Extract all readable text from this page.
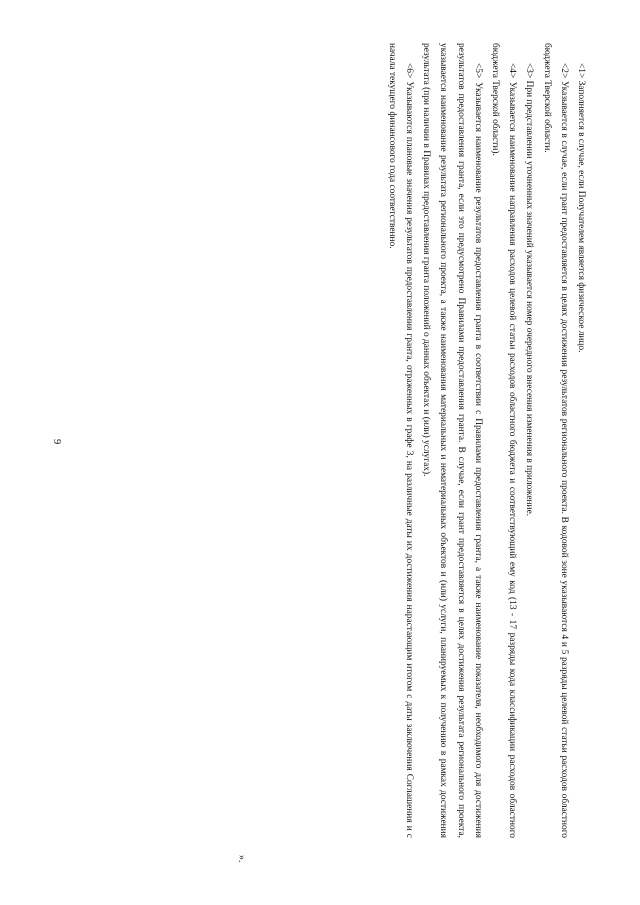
9

<1> Заполняется в случае, если Получателем является физическое лицо.

<2> Указывается в случае, если грант предоставляется в целях достижения результатов регионального проекта. В кодовой зоне указываются 4 и 5 разряды целевой статьи расходов областного бюджета Тверской области.

<3> При представлении уточненных значений указывается номер очередного внесения изменения в приложение.

<4> Указывается наименование направления расходов целевой статьи расходов областного бюджета и соответствующий ему код (13 - 17 разряды кода классификации расходов областного бюджета Тверской области).

<5> Указывается наименование результатов предоставления гранта в соответствии с Правилами предоставления гранта, а также наименование показателя, необходимого для достижения результатов предоставления гранта, если это предусмотрено Правилами предоставления гранта. В случае, если грант предоставляется в целях достижения результата регионального проекта, указывается наименование результата регионального проекта, а также наименования материальных и нематериальных объектов и (или) услуги, планируемых к получению в рамках достижения результата (при наличии в Правилах предоставления гранта положений о данных объектах и (или) услугах).

<6> Указываются плановые значения результатов предоставления гранта, отраженных в графе 3, на различные даты их достижения нарастающим итогом с даты заключения Соглашения и с начала текущего финансового года соответственно.

».
